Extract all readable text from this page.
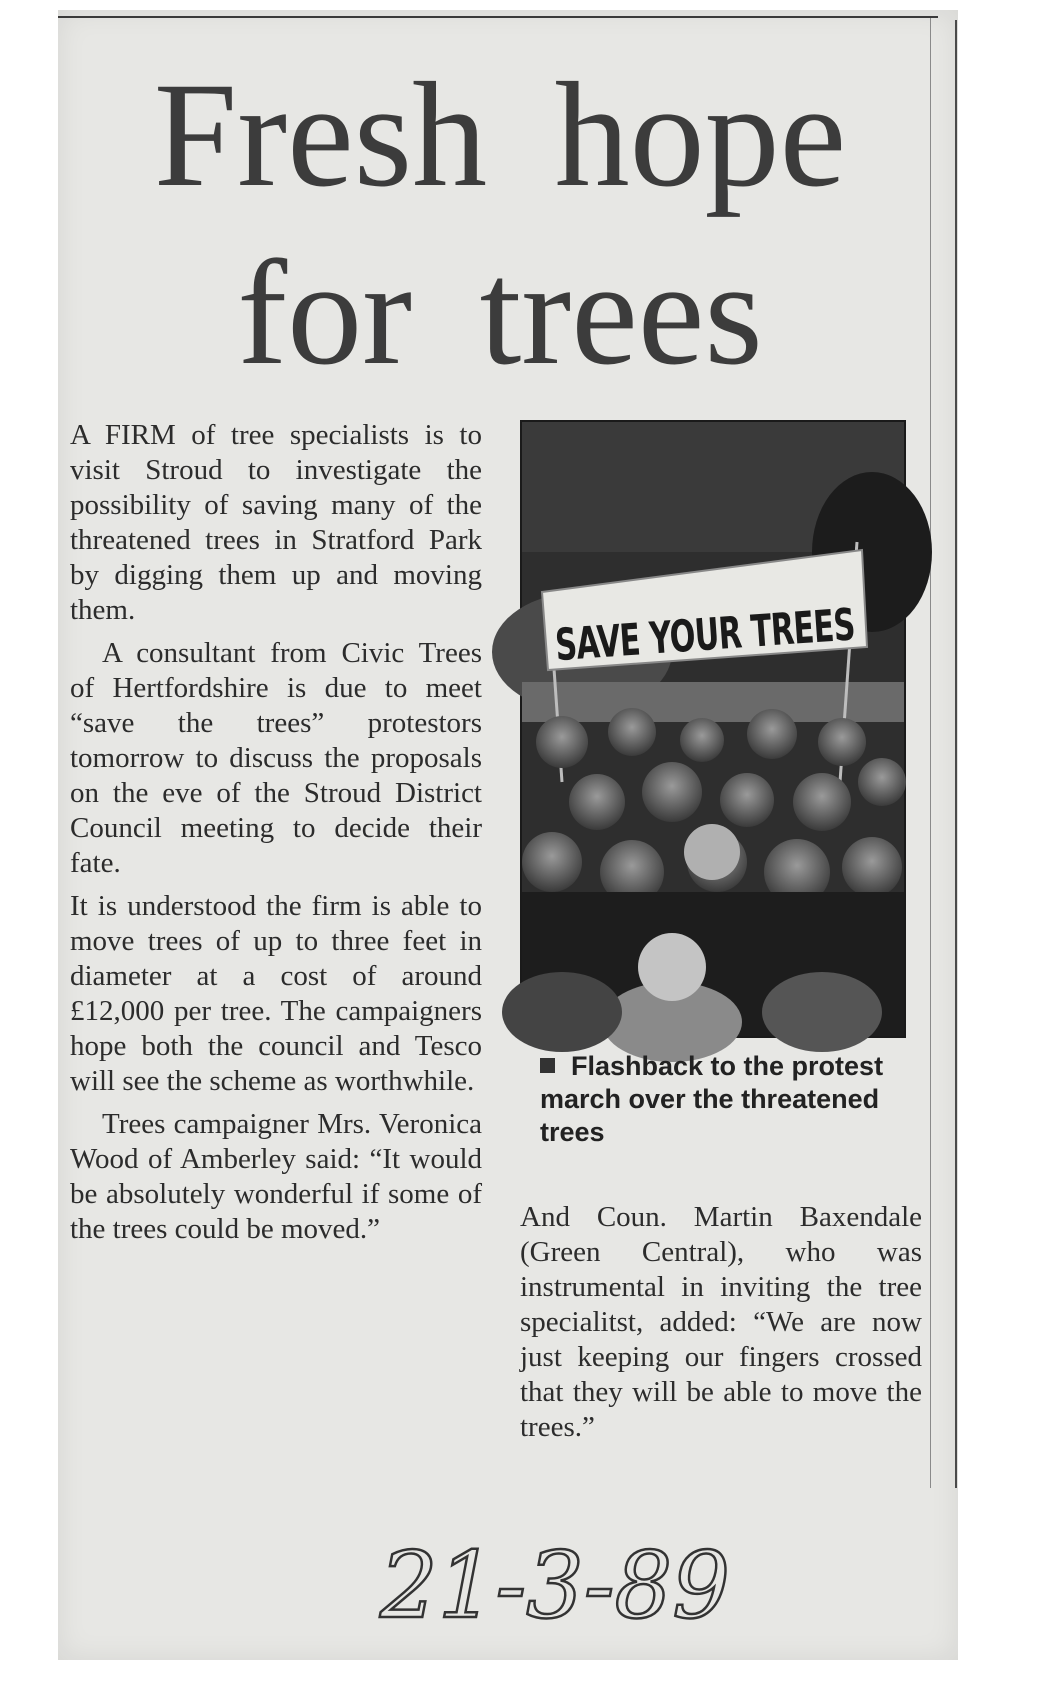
Fresh hope
for trees

A FIRM of tree specialists is to visit Stroud to investigate the possibility of saving many of the threatened trees in Stratford Park by digging them up and moving them.

A consultant from Civic Trees of Hertfordshire is due to meet “save the trees” protestors tomorrow to discuss the proposals on the eve of the Stroud District Council meeting to decide their fate.

It is understood the firm is able to move trees of up to three feet in diameter at a cost of around £12,000 per tree. The campaigners hope both the council and Tesco will see the scheme as worthwhile.

Trees campaigner Mrs. Veronica Wood of Amberley said: “It would be absolutely wonderful if some of the trees could be moved.”

SAVE YOUR TREES
Flashback to the protest march over the threatened trees

And Coun. Martin Baxendale (Green Central), who was instrumental in inviting the tree specialitst, added: “We are now just keeping our fingers crossed that they will be able to move the trees.”

21-3-89
